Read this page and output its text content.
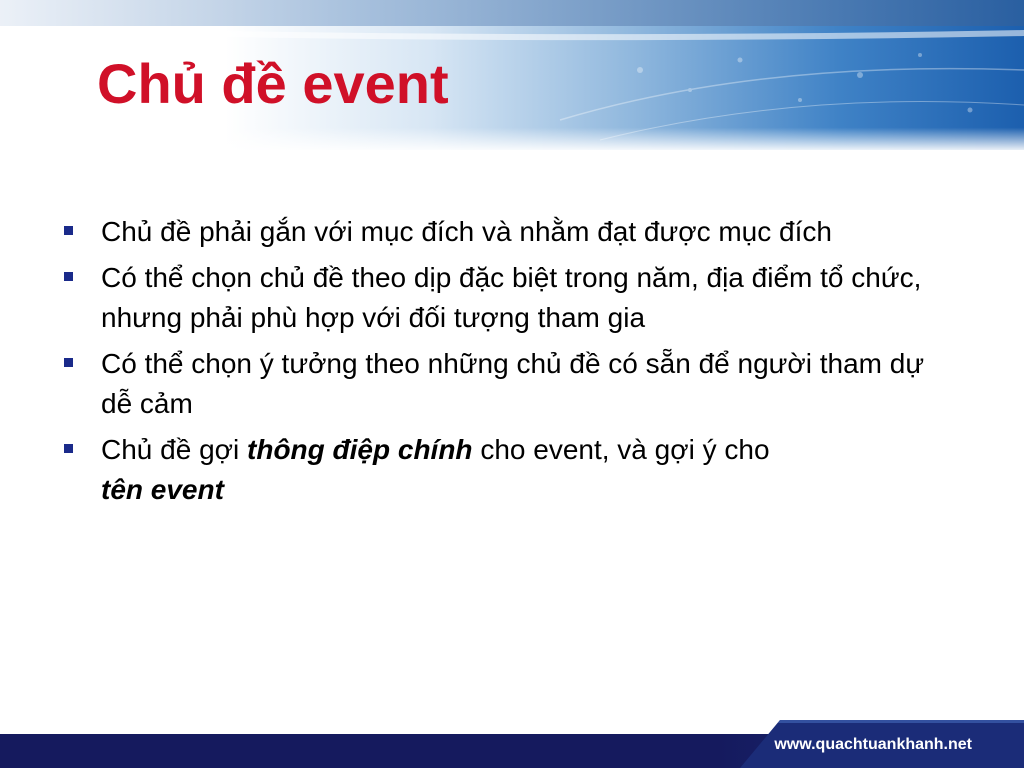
Chủ đề event
Chủ đề phải gắn với mục đích và nhằm đạt được mục đích
Có thể chọn chủ đề theo dịp đặc biệt trong năm, địa điểm tổ chức, nhưng phải phù hợp với đối tượng tham gia
Có thể chọn ý tưởng theo những chủ đề có sẵn để người tham dự dễ cảm
Chủ đề gợi thông điệp chính cho event, và gợi ý cho
tên event
www.quachtuankhanh.net
